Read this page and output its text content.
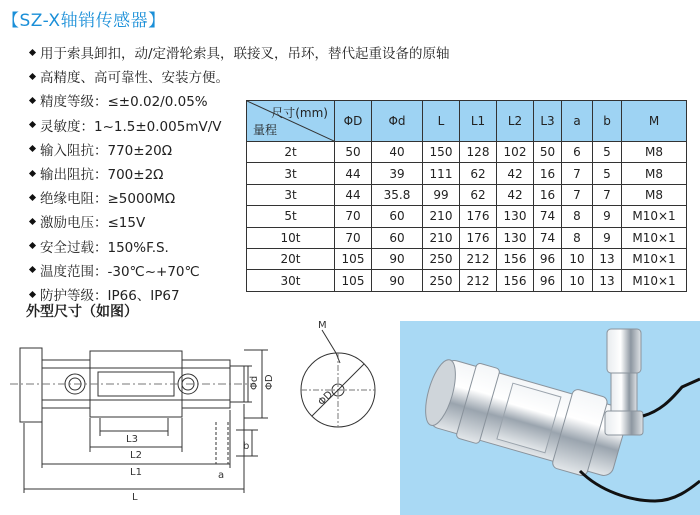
【SZ-X轴销传感器】
用于索具卸扣，动/定滑轮索具，联接叉，吊环，替代起重设备的原轴
高精度、高可靠性、安装方便。
精度等级：≤±0.02/0.05%
灵敏度：1~1.5±0.005mV/V
输入阻抗：770±20Ω
输出阻抗：700±2Ω
绝缘电阻：≥5000MΩ
激励电压：≤15V
安全过载：150%F.S.
温度范围：-30℃~+70℃
防护等级：IP66、IP67
外型尺寸（如图）
尺寸(mm)
量程	ΦD	Φd	L	L1	L2	L3	a	b	M
2t	50	40	150	128	102	50	6	5	M8
3t	44	39	111	62	42	16	7	5	M8
3t	44	35.8	99	62	42	16	7	7	M8
5t	70	60	210	176	130	74	8	9	M10×1
10t	70	60	210	176	130	74	8	9	M10×1
20t	105	90	250	212	156	96	10	13	M10×1
30t	105	90	250	212	156	96	10	13	M10×1
L3
L2
L1
L
a
b
Φd ΦD
M
ΦD
